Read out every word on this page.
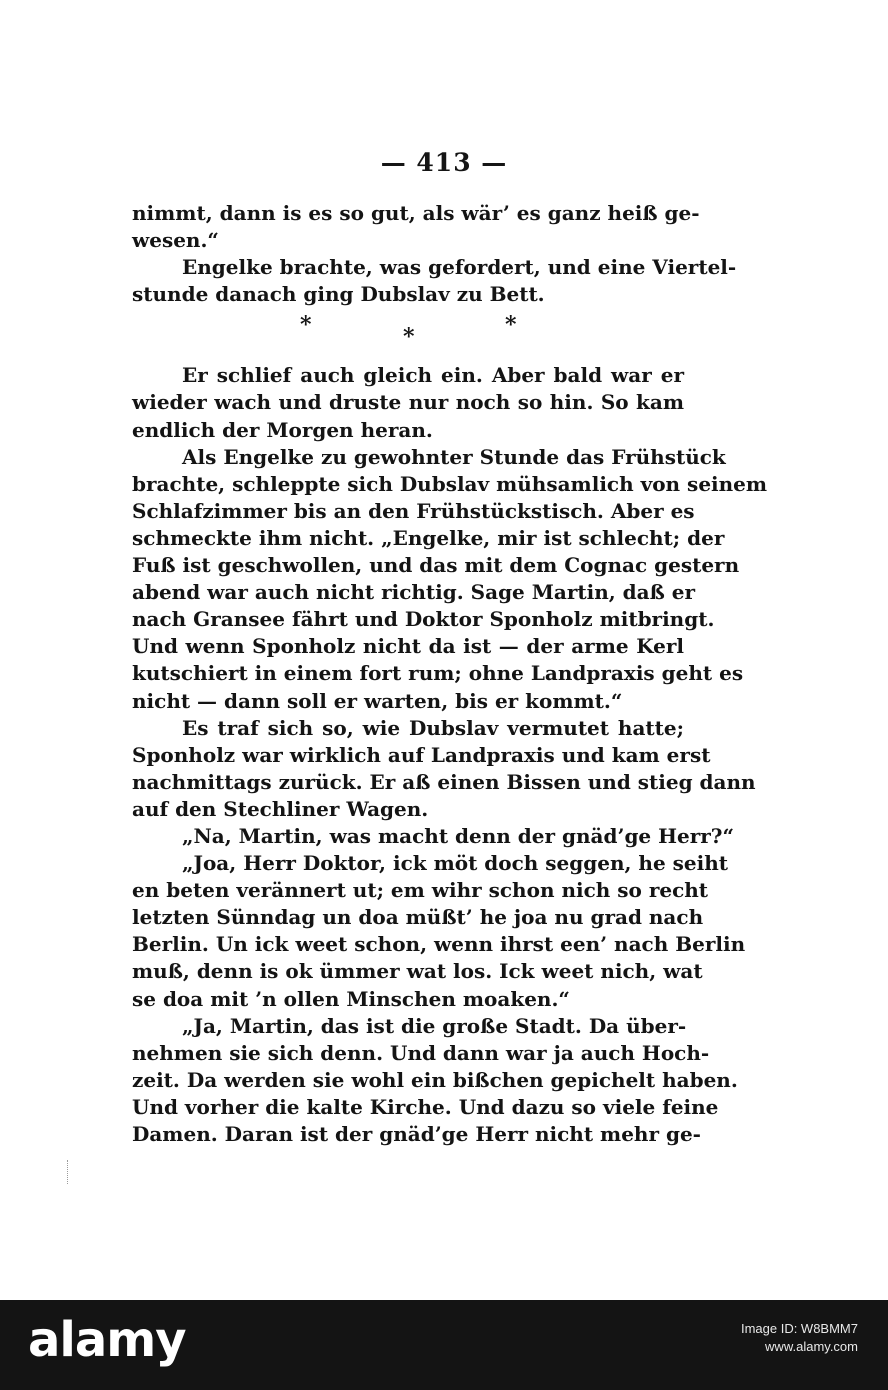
— 413 —
nimmt, dann is es so gut, als wär’ es ganz heiß ge-
wesen.“
Engelke brachte, was gefordert, und eine Viertel-
stunde danach ging Dubslav zu Bett.
*	*	*
Er schlief auch gleich ein. Aber bald war er
wieder wach und druste nur noch so hin. So kam
endlich der Morgen heran.
Als Engelke zu gewohnter Stunde das Frühstück
brachte, schleppte sich Dubslav mühsamlich von seinem
Schlafzimmer bis an den Frühstückstisch. Aber es
schmeckte ihm nicht. „Engelke, mir ist schlecht; der
Fuß ist geschwollen, und das mit dem Cognac gestern
abend war auch nicht richtig. Sage Martin, daß er
nach Gransee fährt und Doktor Sponholz mitbringt.
Und wenn Sponholz nicht da ist — der arme Kerl
kutschiert in einem fort rum; ohne Landpraxis geht es
nicht — dann soll er warten, bis er kommt.“
Es traf sich so, wie Dubslav vermutet hatte;
Sponholz war wirklich auf Landpraxis und kam erst
nachmittags zurück. Er aß einen Bissen und stieg dann
auf den Stechliner Wagen.
„Na, Martin, was macht denn der gnäd’ge Herr?“
„Joa, Herr Doktor, ick möt doch seggen, he seiht
en beten verännert ut; em wihr schon nich so recht
letzten Sünndag un doa müßt’ he joa nu grad nach
Berlin. Un ick weet schon, wenn ihrst een’ nach Berlin
muß, denn is ok ümmer wat los. Ick weet nich, wat
se doa mit ’n ollen Minschen moaken.“
„Ja, Martin, das ist die große Stadt. Da über-
nehmen sie sich denn. Und dann war ja auch Hoch-
zeit. Da werden sie wohl ein bißchen gepichelt haben.
Und vorher die kalte Kirche. Und dazu so viele feine
Damen. Daran ist der gnäd’ge Herr nicht mehr ge-
alamy	Image ID: W8BMM7
www.alamy.com
